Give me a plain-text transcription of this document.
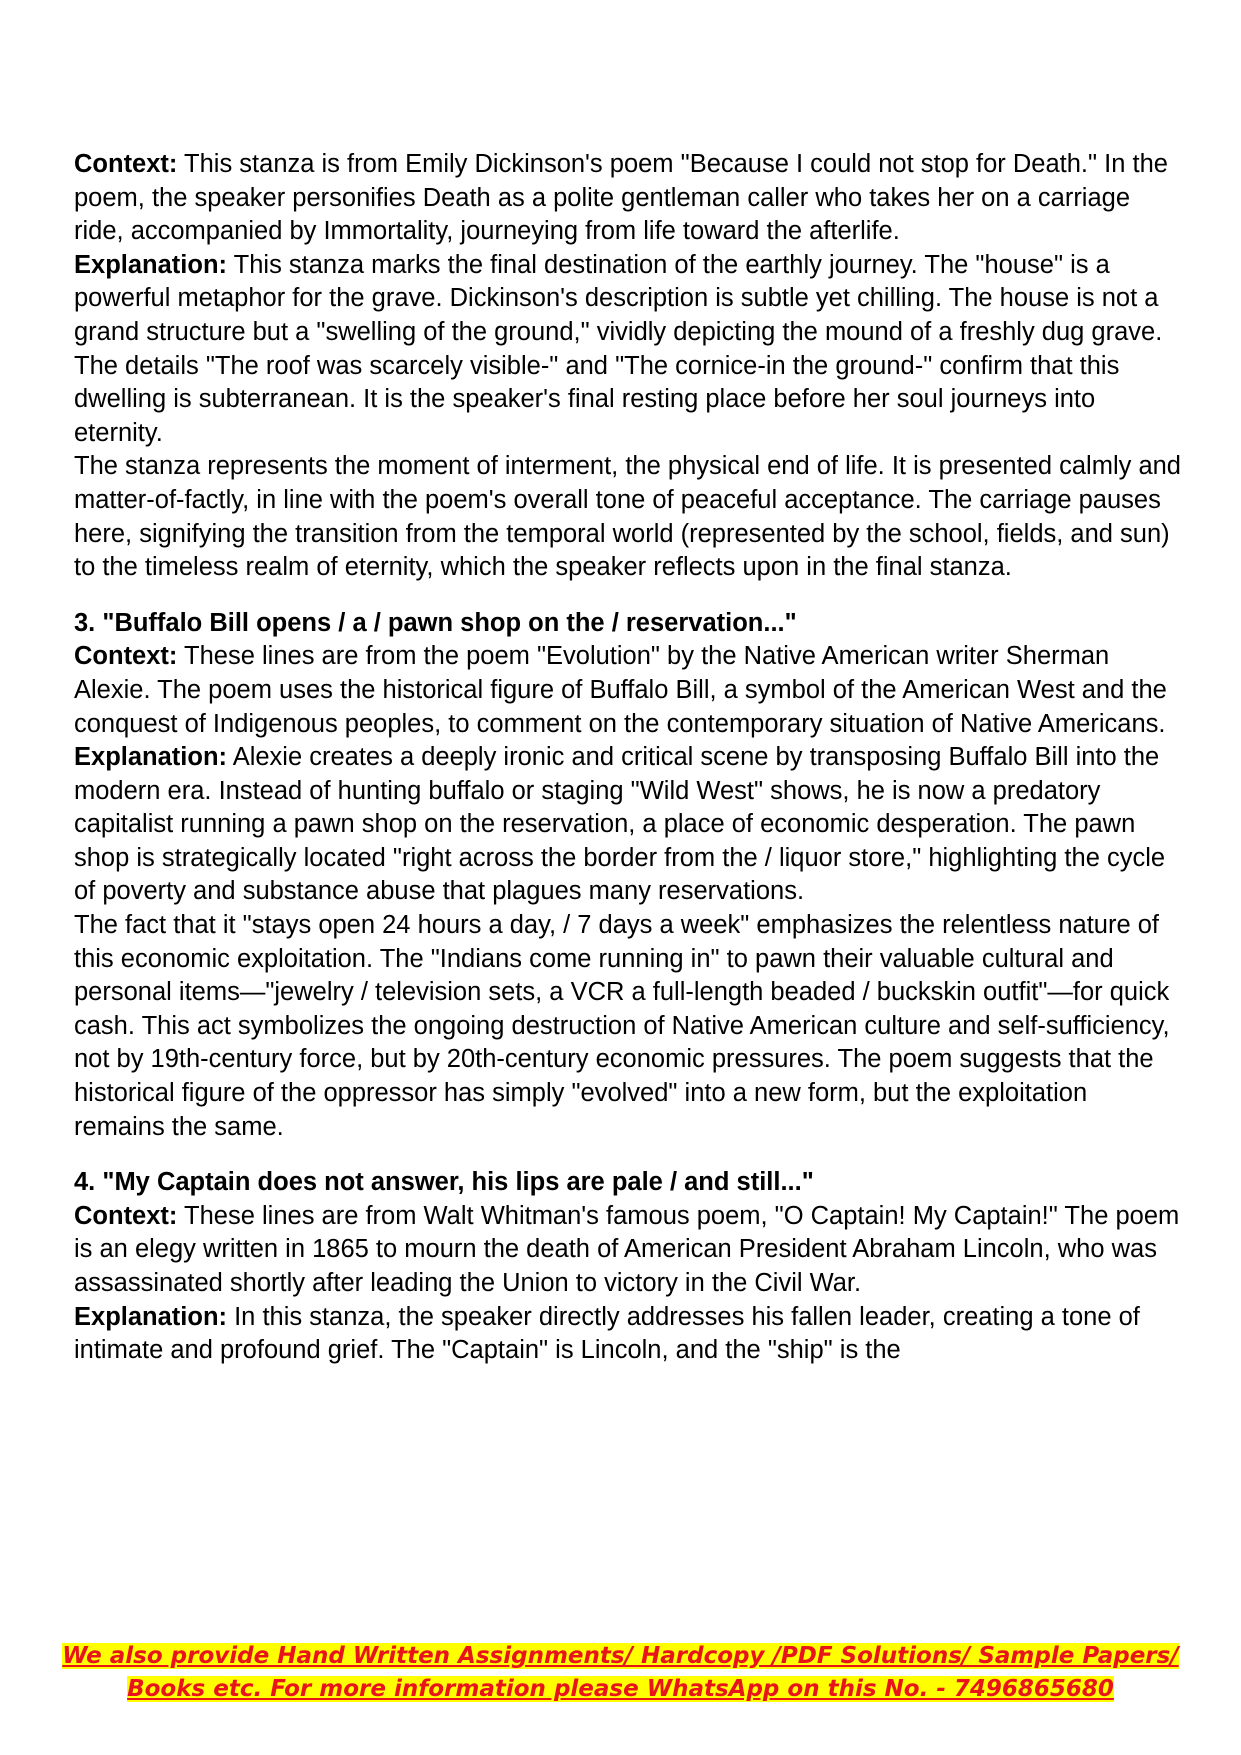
Context: This stanza is from Emily Dickinson's poem "Because I could not stop for Death." In the poem, the speaker personifies Death as a polite gentleman caller who takes her on a carriage ride, accompanied by Immortality, journeying from life toward the afterlife.

Explanation: This stanza marks the final destination of the earthly journey. The "house" is a powerful metaphor for the grave. Dickinson's description is subtle yet chilling. The house is not a grand structure but a "swelling of the ground," vividly depicting the mound of a freshly dug grave. The details "The roof was scarcely visible-" and "The cornice-in the ground-" confirm that this dwelling is subterranean. It is the speaker's final resting place before her soul journeys into eternity.

The stanza represents the moment of interment, the physical end of life. It is presented calmly and matter-of-factly, in line with the poem's overall tone of peaceful acceptance. The carriage pauses here, signifying the transition from the temporal world (represented by the school, fields, and sun) to the timeless realm of eternity, which the speaker reflects upon in the final stanza.

3. "Buffalo Bill opens / a / pawn shop on the / reservation..."

Context: These lines are from the poem "Evolution" by the Native American writer Sherman Alexie. The poem uses the historical figure of Buffalo Bill, a symbol of the American West and the conquest of Indigenous peoples, to comment on the contemporary situation of Native Americans.

Explanation: Alexie creates a deeply ironic and critical scene by transposing Buffalo Bill into the modern era. Instead of hunting buffalo or staging "Wild West" shows, he is now a predatory capitalist running a pawn shop on the reservation, a place of economic desperation. The pawn shop is strategically located "right across the border from the / liquor store," highlighting the cycle of poverty and substance abuse that plagues many reservations.

The fact that it "stays open 24 hours a day, / 7 days a week" emphasizes the relentless nature of this economic exploitation. The "Indians come running in" to pawn their valuable cultural and personal items—"jewelry / television sets, a VCR a full-length beaded / buckskin outfit"—for quick cash. This act symbolizes the ongoing destruction of Native American culture and self-sufficiency, not by 19th-century force, but by 20th-century economic pressures. The poem suggests that the historical figure of the oppressor has simply "evolved" into a new form, but the exploitation remains the same.

4. "My Captain does not answer, his lips are pale / and still..."

Context: These lines are from Walt Whitman's famous poem, "O Captain! My Captain!" The poem is an elegy written in 1865 to mourn the death of American President Abraham Lincoln, who was assassinated shortly after leading the Union to victory in the Civil War.

Explanation: In this stanza, the speaker directly addresses his fallen leader, creating a tone of intimate and profound grief. The "Captain" is Lincoln, and the "ship" is the

We also provide Hand Written Assignments/ Hardcopy /PDF Solutions/ Sample Papers/
Books etc. For more information please WhatsApp on this No. - 7496865680
